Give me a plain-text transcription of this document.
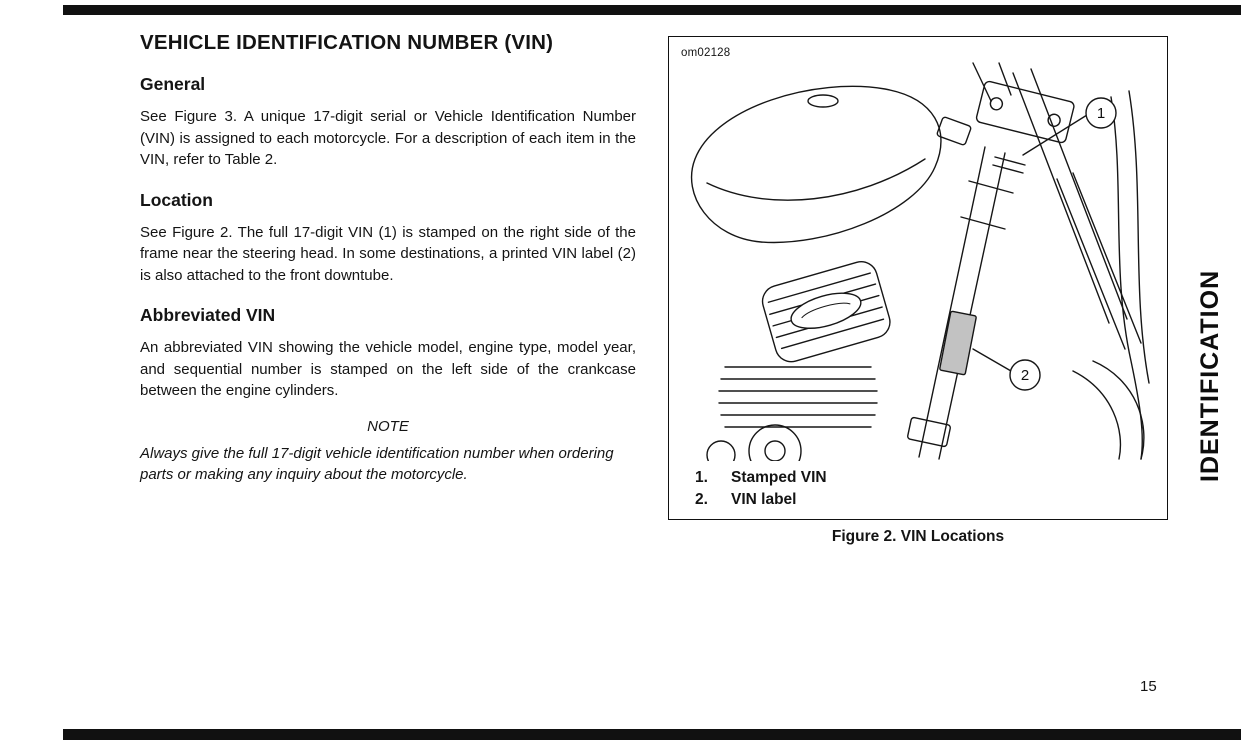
VEHICLE IDENTIFICATION NUMBER (VIN)
General

See Figure 3. A unique 17-digit serial or Vehicle Identification Number (VIN) is assigned to each motorcycle. For a description of each item in the VIN, refer to Table 2.

Location

See Figure 2. The full 17-digit VIN (1) is stamped on the right side of the frame near the steering head. In some destinations, a printed VIN label (2) is also attached to the front downtube.

Abbreviated VIN

An abbreviated VIN showing the vehicle model, engine type, model year, and sequential number is stamped on the left side of the crankcase between the engine cylinders.

NOTE

Always give the full 17-digit vehicle identification number when ordering parts or making any inquiry about the motorcycle.

om02128
1
2
1.	Stamped VIN
2.	VIN label
Figure 2. VIN Locations
IDENTIFICATION
15
